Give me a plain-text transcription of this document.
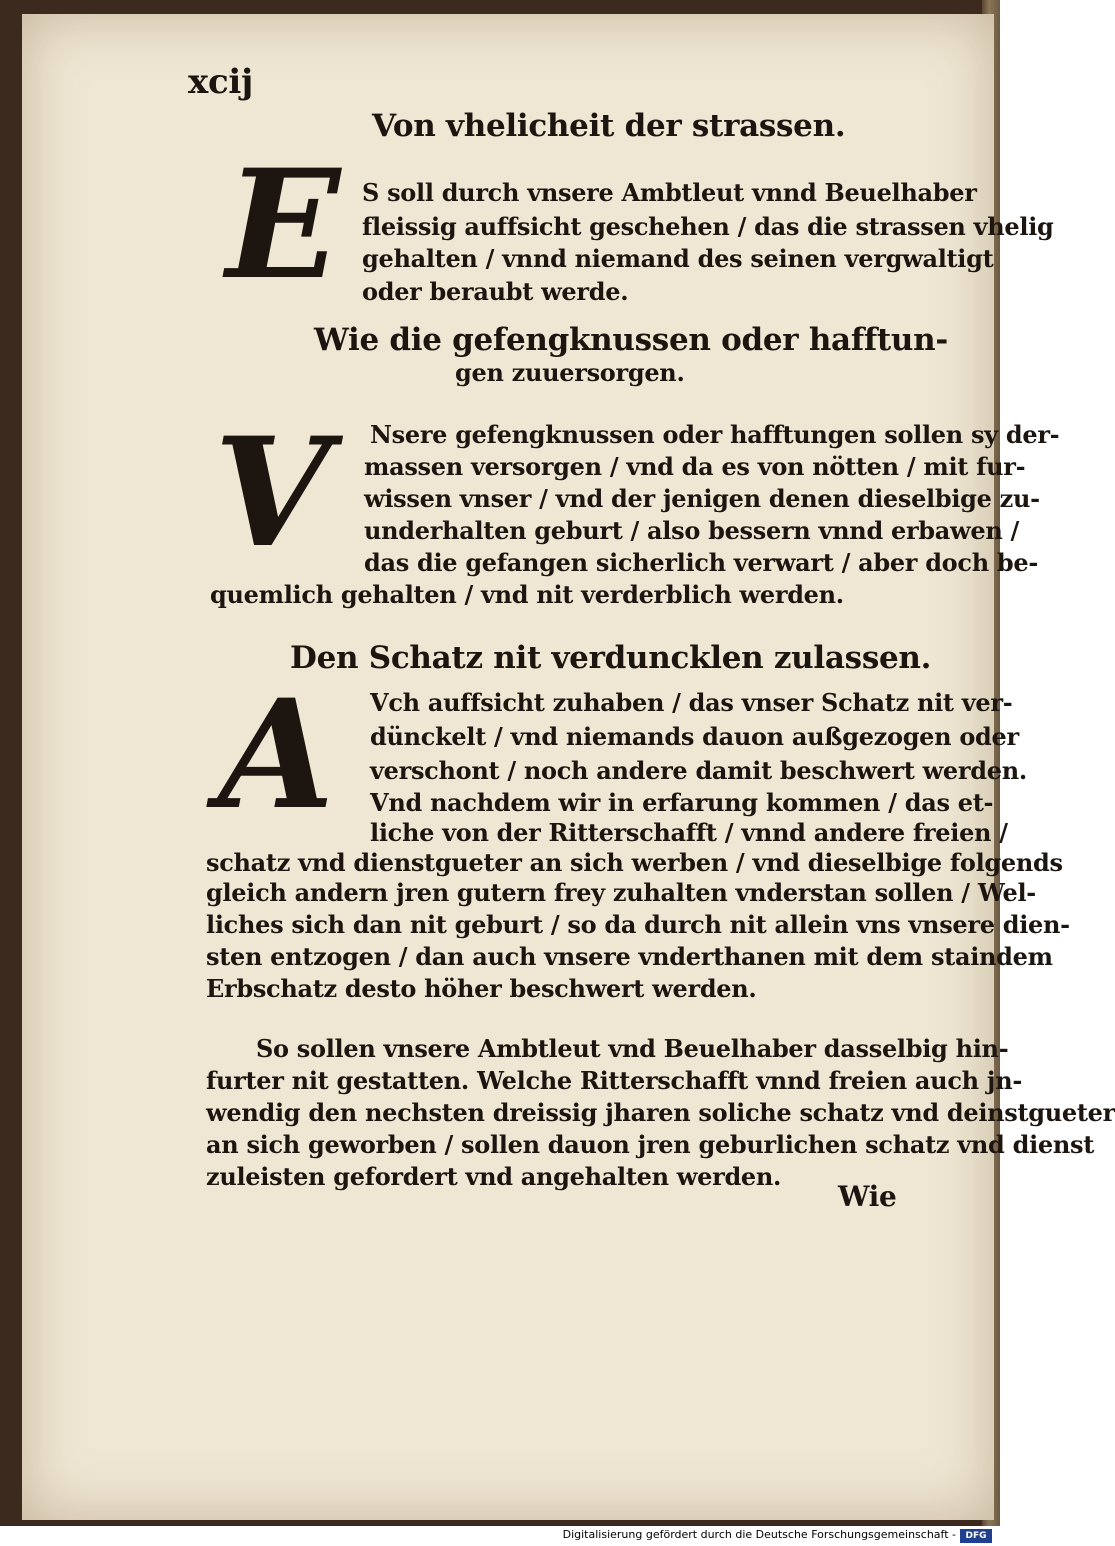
xcij
Von vhelicheit der strassen.
E S soll durch vnsere Ambtleut vnnd Beuelhaber
fleissig auffsicht geschehen / das die strassen vhelig
gehalten / vnnd niemand des seinen vergwaltigt
oder beraubt werde.
Wie die gefengknussen oder hafftun-
gen zuuersorgen.
V Nsere gefengknussen oder hafftungen sollen sy der-
massen versorgen / vnd da es von nötten / mit fur-
wissen vnser / vnd der jenigen denen dieselbige zu-
underhalten geburt / also bessern vnnd erbawen /
das die gefangen sicherlich verwart / aber doch be-
quemlich gehalten / vnd nit verderblich werden.
Den Schatz nit verduncklen zulassen.
A Vch auffsicht zuhaben / das vnser Schatz nit ver-
dünckelt / vnd niemands dauon außgezogen oder
verschont / noch andere damit beschwert werden.
Vnd nachdem wir in erfarung kommen / das et-
liche von der Ritterschafft / vnnd andere freien /
schatz vnd dienstgueter an sich werben / vnd dieselbige folgends
gleich andern jren gutern frey zuhalten vnderstan sollen / Wel-
liches sich dan nit geburt / so da durch nit allein vns vnsere dien-
sten entzogen / dan auch vnsere vnderthanen mit dem staindem
Erbschatz desto höher beschwert werden.
So sollen vnsere Ambtleut vnd Beuelhaber dasselbig hin-
furter nit gestatten. Welche Ritterschafft vnnd freien auch jn-
wendig den nechsten dreissig jharen soliche schatz vnd deinstgueter
an sich geworben / sollen dauon jren geburlichen schatz vnd dienst
zuleisten gefordert vnd angehalten werden.
Wie
Digitalisierung gefördert durch die Deutsche Forschungsgemeinschaft -	DFG
